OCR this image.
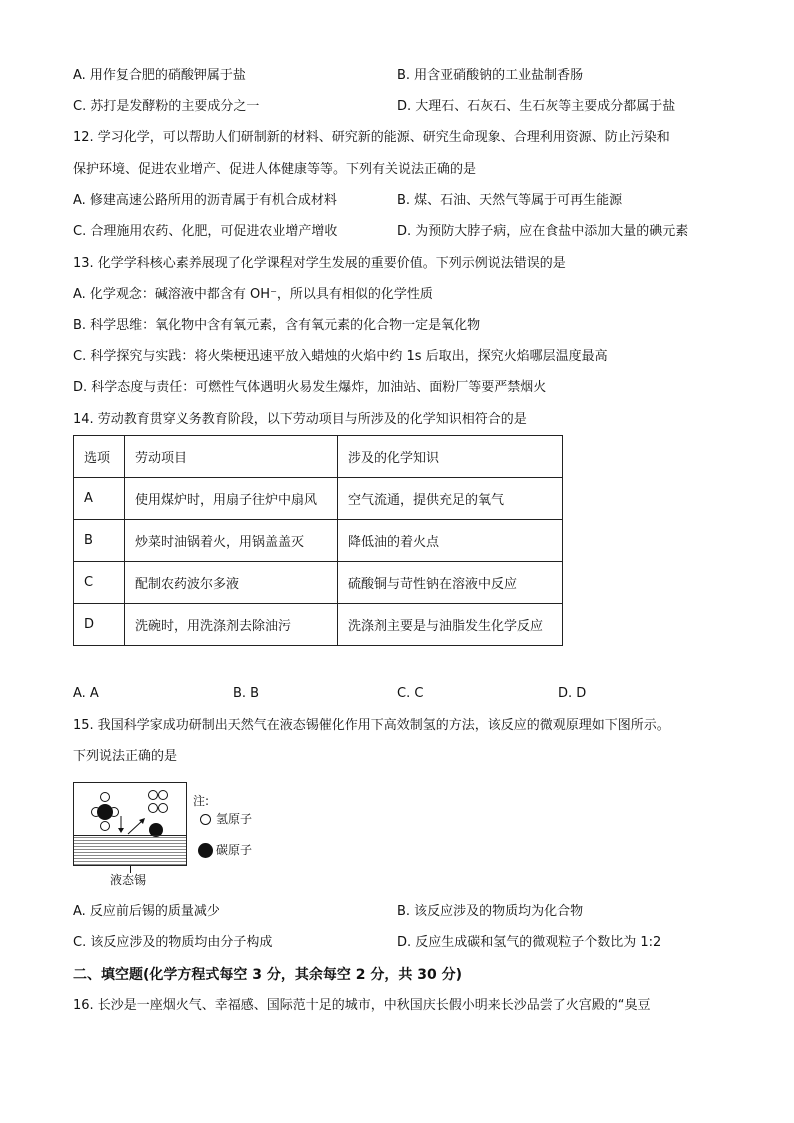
A. 用作复合肥的硝酸钾属于盐	B. 用含亚硝酸钠的工业盐制香肠
C. 苏打是发酵粉的主要成分之一	D. 大理石、石灰石、生石灰等主要成分都属于盐
12. 学习化学，可以帮助人们研制新的材料、研究新的能源、研究生命现象、合理利用资源、防止污染和
保护环境、促进农业增产、促进人体健康等等。下列有关说法正确的是
A. 修建高速公路所用的沥青属于有机合成材料	B. 煤、石油、天然气等属于可再生能源
C. 合理施用农药、化肥，可促进农业增产增收	D. 为预防大脖子病，应在食盐中添加大量的碘元素
13. 化学学科核心素养展现了化学课程对学生发展的重要价值。下列示例说法错误的是
A. 化学观念：碱溶液中都含有 OH⁻，所以具有相似的化学性质
B. 科学思维：氧化物中含有氧元素，含有氧元素的化合物一定是氧化物
C. 科学探究与实践：将火柴梗迅速平放入蜡烛的火焰中约 1s 后取出，探究火焰哪层温度最高
D. 科学态度与责任：可燃性气体遇明火易发生爆炸，加油站、面粉厂等要严禁烟火
14. 劳动教育贯穿义务教育阶段，以下劳动项目与所涉及的化学知识相符合的是
选项	劳动项目	涉及的化学知识
A	使用煤炉时，用扇子往炉中扇风	空气流通，提供充足的氧气
B	炒菜时油锅着火，用锅盖盖灭	降低油的着火点
C	配制农药波尔多液	硫酸铜与苛性钠在溶液中反应
D	洗碗时，用洗涤剂去除油污	洗涤剂主要是与油脂发生化学反应
A. A	B. B	C. C	D. D
15. 我国科学家成功研制出天然气在液态锡催化作用下高效制氢的方法，该反应的微观原理如下图所示。
下列说法正确的是
液态锡
注:
氢原子
碳原子
A. 反应前后锡的质量减少	B. 该反应涉及的物质均为化合物
C. 该反应涉及的物质均由分子构成	D. 反应生成碳和氢气的微观粒子个数比为 1:2
二、填空题(化学方程式每空 3 分，其余每空 2 分，共 30 分)
16. 长沙是一座烟火气、幸福感、国际范十足的城市，中秋国庆长假小明来长沙品尝了火宫殿的“臭豆
